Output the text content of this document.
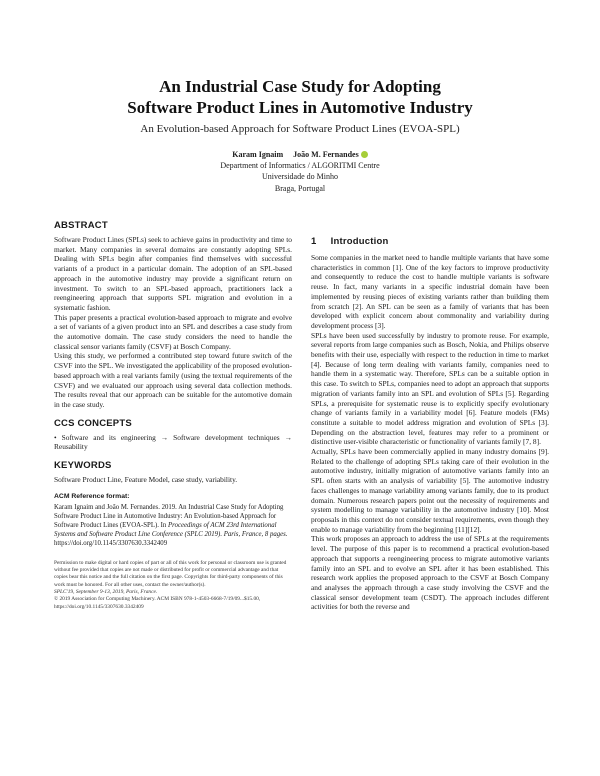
An Industrial Case Study for Adopting
Software Product Lines in Automotive Industry
An Evolution-based Approach for Software Product Lines (EVOA-SPL)
Karam Ignaim     João M. Fernandes
Department of Informatics / ALGORITMI Centre
Universidade do Minho
Braga, Portugal
ABSTRACT

Software Product Lines (SPLs) seek to achieve gains in productivity and time to market. Many companies in several domains are constantly adopting SPLs. Dealing with SPLs begin after companies find themselves with successful variants of a product in a particular domain. The adoption of an SPL-based approach in the automotive industry may provide a significant return on investment. To switch to an SPL-based approach, practitioners lack a reengineering approach that supports SPL migration and evolution in a systematic fashion.

This paper presents a practical evolution-based approach to migrate and evolve a set of variants of a given product into an SPL and describes a case study from the automotive domain. The case study considers the need to handle the classical sensor variants family (CSVF) at Bosch Company.

Using this study, we performed a contributed step toward future switch of the CSVF into the SPL. We investigated the applicability of the proposed evolution-based approach with a real variants family (using the textual requirements of the CSVF) and we evaluated our approach using several data collection methods. The results reveal that our approach can be suitable for the automotive domain in the case study.

CCS CONCEPTS

• Software and its engineering → Software development techniques → Reusability

KEYWORDS

Software Product Line, Feature Model, case study, variability.

ACM Reference format:

Karam Ignaim and João M. Fernandes. 2019. An Industrial Case Study for Adopting Software Product Line in Automotive Industry: An Evolution-based Approach for Software Product Lines (EVOA-SPL). In Proceedings of ACM 23rd International Systems and Software Product Line Conference (SPLC 2019). Paris, France, 8 pages.
https://doi.org/10.1145/3307630.3342409

Permission to make digital or hard copies of part or all of this work for personal or classroom use is granted without fee provided that copies are not made or distributed for profit or commercial advantage and that copies bear this notice and the full citation on the first page. Copyrights for third-party components of this work must be honored. For all other uses, contact the owner/author(s).

SPLC'19, September 9-13, 2019, Paris, France.

© 2019 Association for Computing Machinery. ACM ISBN 978-1-4503-6668-7/19/09...$15.00, https://doi.org/10.1145/3307630.3342409

1     Introduction

Some companies in the market need to handle multiple variants that have some characteristics in common [1]. One of the key factors to improve productivity and consequently to reduce the cost to handle multiple variants is software reuse. In fact, many variants in a specific industrial domain have been implemented by reusing pieces of existing variants rather than building them from scratch [2]. An SPL can be seen as a family of variants that has been developed with explicit concern about commonality and variability during development process [3].

SPLs have been used successfully by industry to promote reuse. For example, several reports from large companies such as Bosch, Nokia, and Philips observe benefits with their use, especially with respect to the reduction in time to market [4]. Because of long term dealing with variants family, companies need to handle them in a systematic way. Therefore, SPLs can be a suitable option in this case. To switch to SPLs, companies need to adopt an approach that supports migration of variants family into an SPL and evolution of SPLs [5]. Regarding SPLs, a prerequisite for systematic reuse is to explicitly specify evolutionary change of variants family in a variability model [6]. Feature models (FMs) constitute a suitable to model address migration and evolution of SPLs [3]. Depending on the abstraction level, features may refer to a prominent or distinctive user-visible characteristic or functionality of variants family [7, 8].

Actually, SPLs have been commercially applied in many industry domains [9]. Related to the challenge of adopting SPLs taking care of their evolution in the automotive industry, initially migration of automotive variants family into an SPL often starts with an analysis of variability [5]. The automotive industry faces challenges to manage variability among variants family, due to its product domain. Numerous research papers point out the necessity of requirements and system modelling to manage variability in the automotive industry [10]. Most proposals in this context do not consider textual requirements, even though they enable to manage variability from the beginning [11][12].

This work proposes an approach to address the use of SPLs at the requirements level. The purpose of this paper is to recommend a practical evolution-based approach that supports a reengineering process to migrate automotive variants family into an SPL and to evolve an SPL after it has been established. This research work applies the proposed approach to the CSVF at Bosch Company and analyses the approach through a case study involving the CSVF and the classical sensor development team (CSDT). The approach includes different activities for both the reverse and
